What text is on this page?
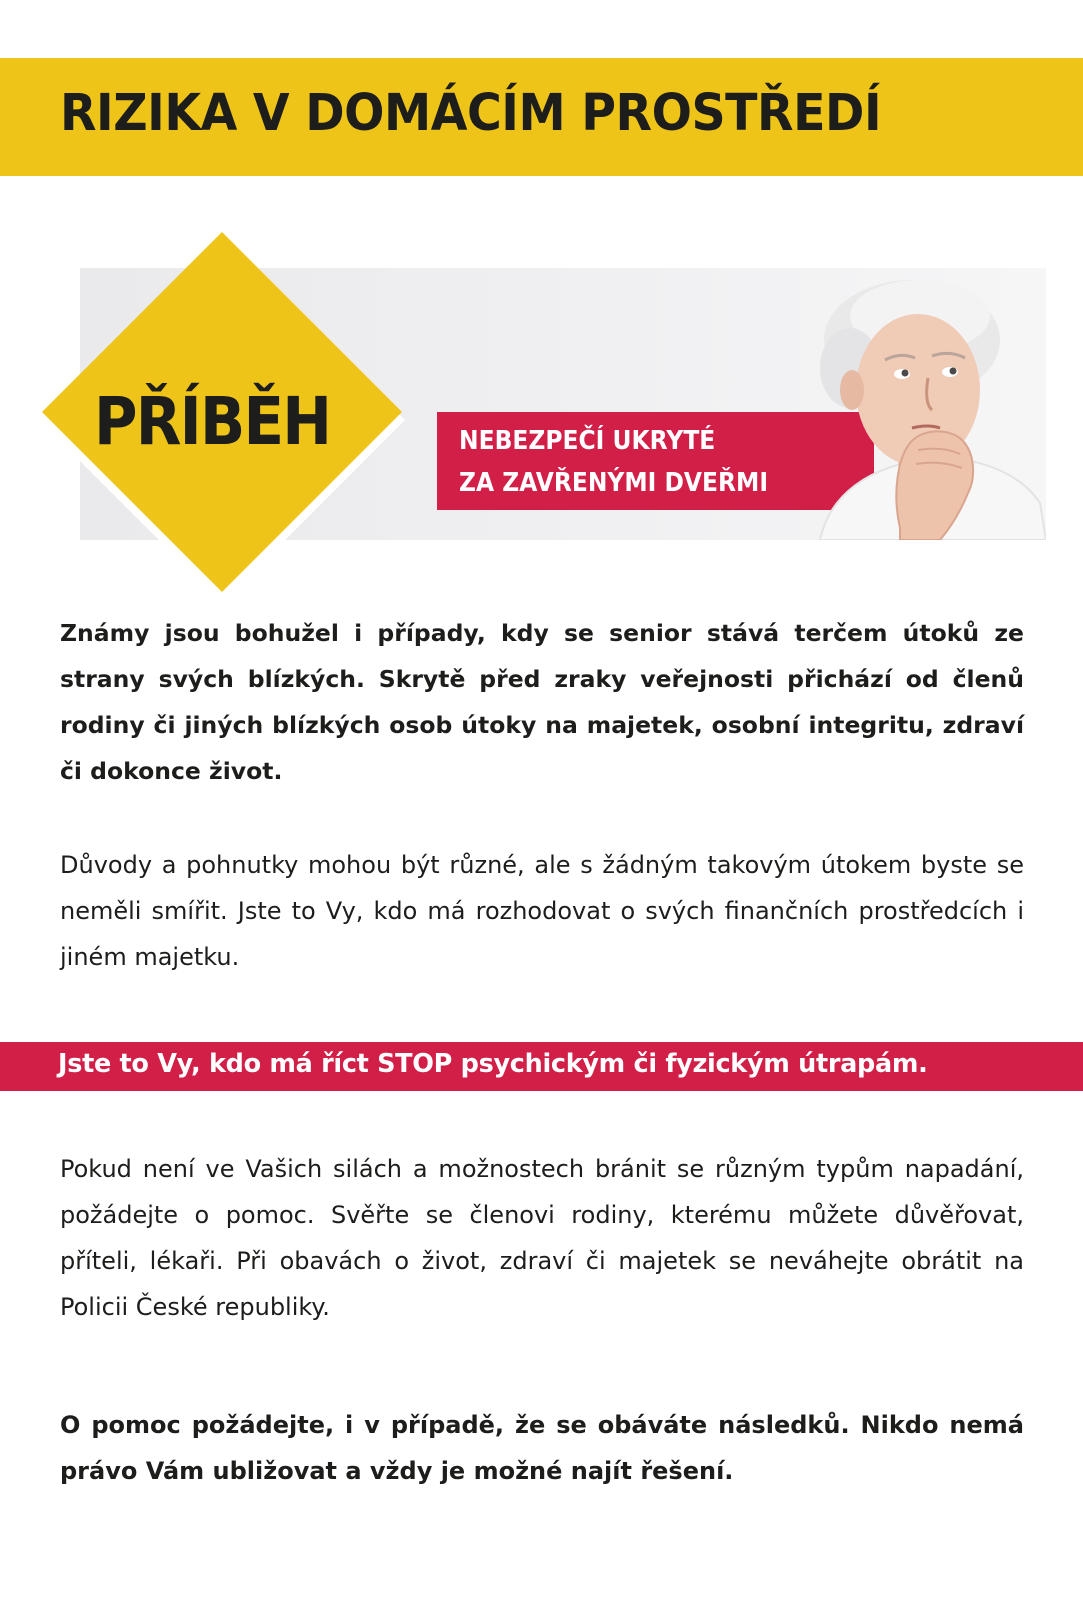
RIZIKA V DOMÁCÍM PROSTŘEDÍ
PŘÍBĚH	NEBEZPEČÍ UKRYTÉ
ZA ZAVŘENÝMI DVEŘMI

Známy jsou bohužel i případy, kdy se senior stává terčem útoků ze strany svých blízkých. Skrytě před zraky veřejnosti přichází od členů rodiny či jiných blízkých osob útoky na majetek, osobní integritu, zdraví či dokonce život.

Důvody a pohnutky mohou být různé, ale s žádným takovým útokem byste se neměli smířit. Jste to Vy, kdo má rozhodovat o svých finančních prostředcích i jiném majetku.

Jste to Vy, kdo má říct STOP psychickým či fyzickým útrapám.

Pokud není ve Vašich silách a možnostech bránit se různým typům napadání, požádejte o pomoc. Svěřte se členovi rodiny, kterému můžete důvěřovat, příteli, lékaři. Při obavách o život, zdraví či majetek se neváhejte obrátit na Policii České republiky.

O pomoc požádejte, i v případě, že se obáváte následků. Nikdo nemá právo Vám ubližovat a vždy je možné najít řešení.
